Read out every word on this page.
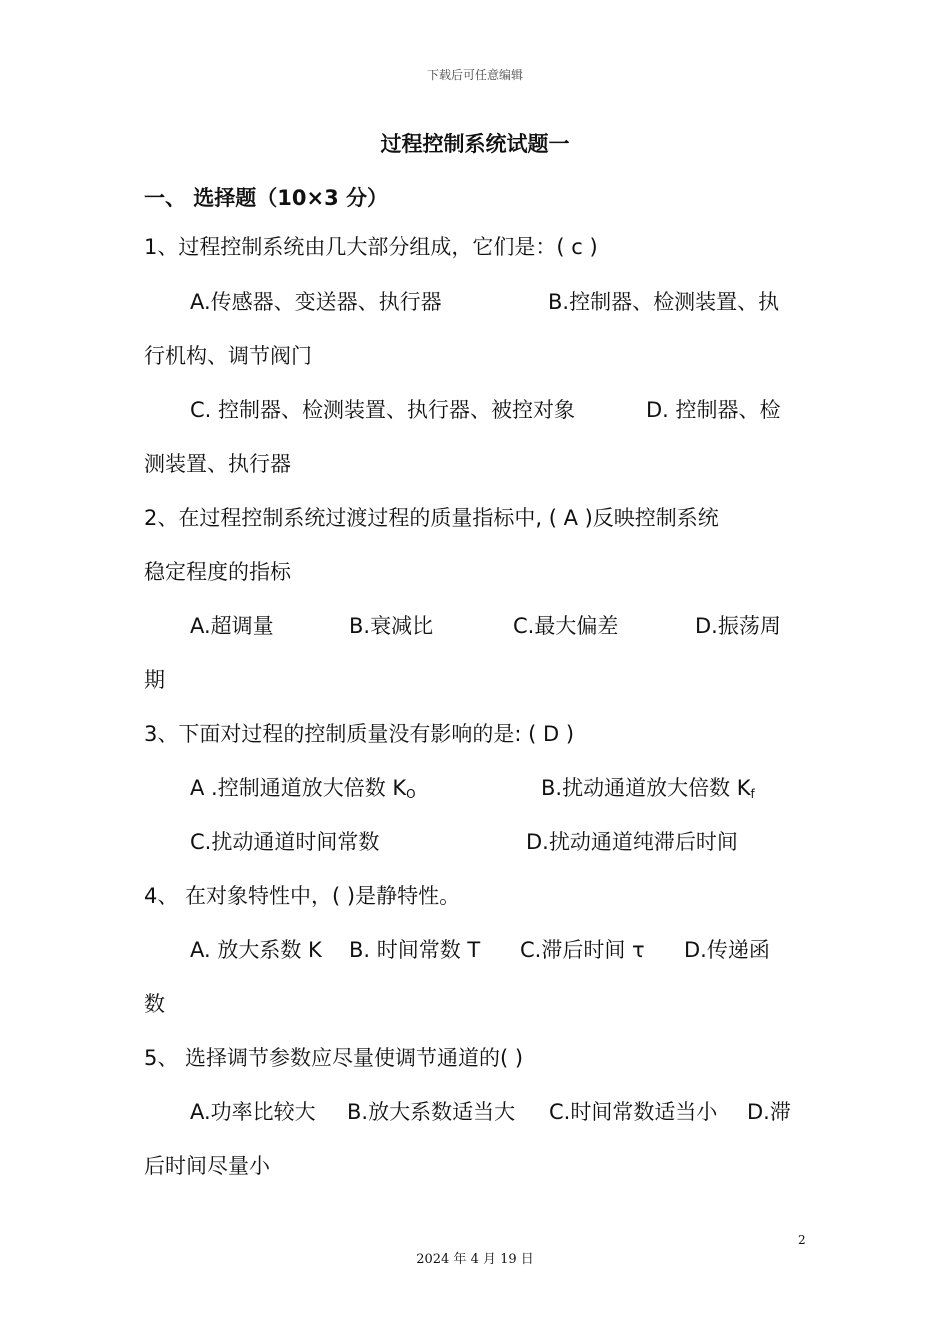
下载后可任意编辑
过程控制系统试题一
一、 选择题（10×3 分）
1、过程控制系统由几大部分组成，它们是：( c )
A.传感器、变送器、执行器	B.控制器、检测装置、执
行机构、调节阀门
C. 控制器、检测装置、执行器、被控对象	D. 控制器、检
测装置、执行器
2、在过程控制系统过渡过程的质量指标中, ( A )反映控制系统
稳定程度的指标
A.超调量	B.衰减比	C.最大偏差	D.振荡周
期
3、下面对过程的控制质量没有影响的是: ( D )
A .控制通道放大倍数 $K_O$	B.扰动通道放大倍数 $K_f$
C.扰动通道时间常数	D.扰动通道纯滞后时间
4、 在对象特性中，( )是静特性。
A. 放大系数 K B. 时间常数 T C.滞后时间 τ D.传递函
数
5、 选择调节参数应尽量使调节通道的( )
A.功率比较大 B.放大系数适当大 C.时间常数适当小 D.滞
后时间尽量小
2
2024 年 4 月 19 日
